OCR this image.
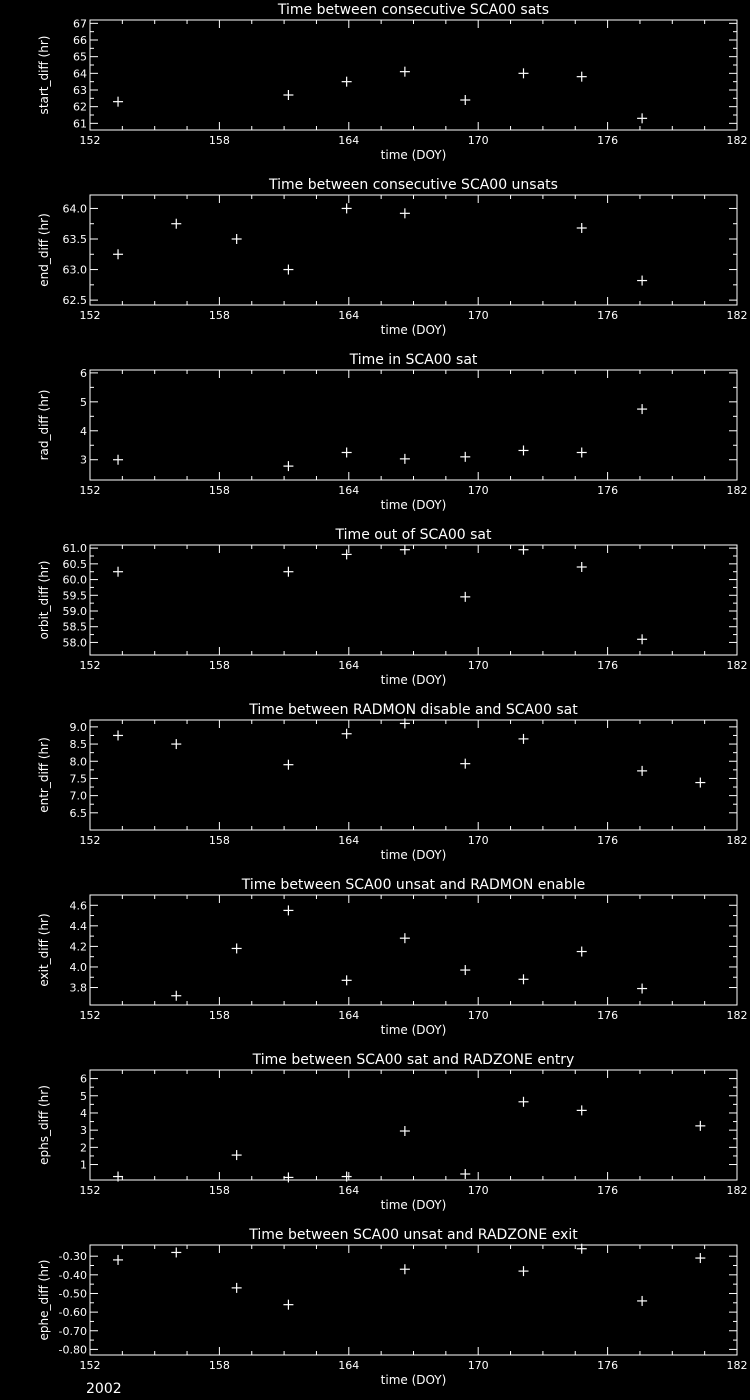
Time between consecutive SCA00 sats
152	158	164	170	176	182
time (DOY)
61
62
63
64
65
66
67
start_diff (hr)
Time between consecutive SCA00 unsats
152	158	164	170	176	182
time (DOY)
62.5
63.0
63.5
64.0
end_diff (hr)
Time in SCA00 sat
152	158	164	170	176	182
time (DOY)
3
4
5
6
rad_diff (hr)
Time out of SCA00 sat
152	158	164	170	176	182
time (DOY)
58.0
58.5
59.0
59.5
60.0
60.5
61.0
orbit_diff (hr)
Time between RADMON disable and SCA00 sat
152	158	164	170	176	182
time (DOY)
6.5
7.0
7.5
8.0
8.5
9.0
entr_diff (hr)
Time between SCA00 unsat and RADMON enable
152	158	164	170	176	182
time (DOY)
3.8
4.0
4.2
4.4
4.6
exit_diff (hr)
Time between SCA00 sat and RADZONE entry
152	158	164	170	176	182
time (DOY)
1
2
3
4
5
6
ephs_diff (hr)
Time between SCA00 unsat and RADZONE exit
152	158	164	170	176	182
time (DOY)
-0.80
-0.70
-0.60
-0.50
-0.40
-0.30
ephe_diff (hr)

2002
